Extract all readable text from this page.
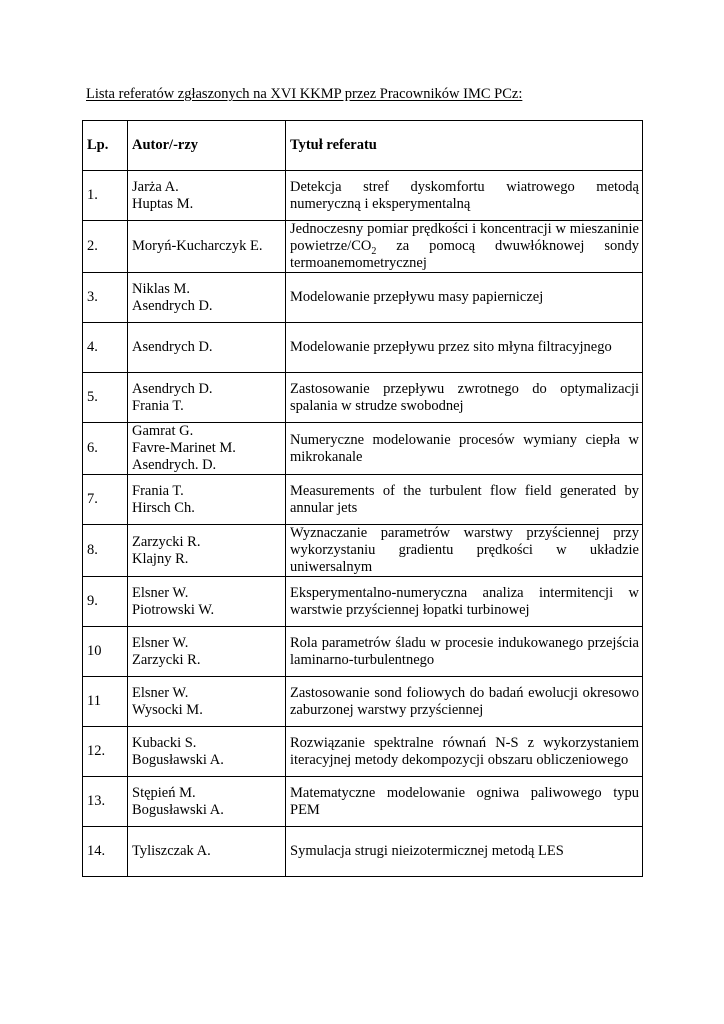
Lista referatów zgłaszonych na XVI KKMP przez Pracowników IMC PCz:
Lp.	Autor/-rzy	Tytuł referatu
1.	Jarża A.
Huptas M.	Detekcja stref dyskomfortu wiatrowego metodą numeryczną i eksperymentalną
2.	Moryń-Kucharczyk E.	Jednoczesny pomiar prędkości i koncentracji w mieszaninie powietrze/$CO_2$ za pomocą dwuwłóknowej sondy termoanemometrycznej
3.	Niklas M.
Asendrych D.	Modelowanie przepływu masy papierniczej
4.	Asendrych D.	Modelowanie przepływu przez sito młyna filtracyjnego
5.	Asendrych D.
Frania T.	Zastosowanie przepływu zwrotnego do optymalizacji spalania w strudze swobodnej
6.	Gamrat G.
Favre-Marinet M.
Asendrych. D.	Numeryczne modelowanie procesów wymiany ciepła w mikrokanale
7.	Frania T.
Hirsch Ch.	Measurements of the turbulent flow field generated by annular jets
8.	Zarzycki R.
Klajny R.	Wyznaczanie parametrów warstwy przyściennej przy wykorzystaniu gradientu prędkości w układzie uniwersalnym
9.	Elsner W.
Piotrowski W.	Eksperymentalno-numeryczna analiza intermitencji w warstwie przyściennej łopatki turbinowej
10	Elsner W.
Zarzycki R.	Rola parametrów śladu w procesie indukowanego przejścia laminarno-turbulentnego
11	Elsner W.
Wysocki M.	Zastosowanie sond foliowych do badań ewolucji okresowo zaburzonej warstwy przyściennej
12.	Kubacki S.
Bogusławski A.	Rozwiązanie spektralne równań N-S z wykorzystaniem iteracyjnej metody dekompozycji obszaru obliczeniowego
13.	Stępień M.
Bogusławski A.	Matematyczne modelowanie ogniwa paliwowego typu PEM
14.	Tyliszczak A.	Symulacja strugi nieizotermicznej metodą LES
